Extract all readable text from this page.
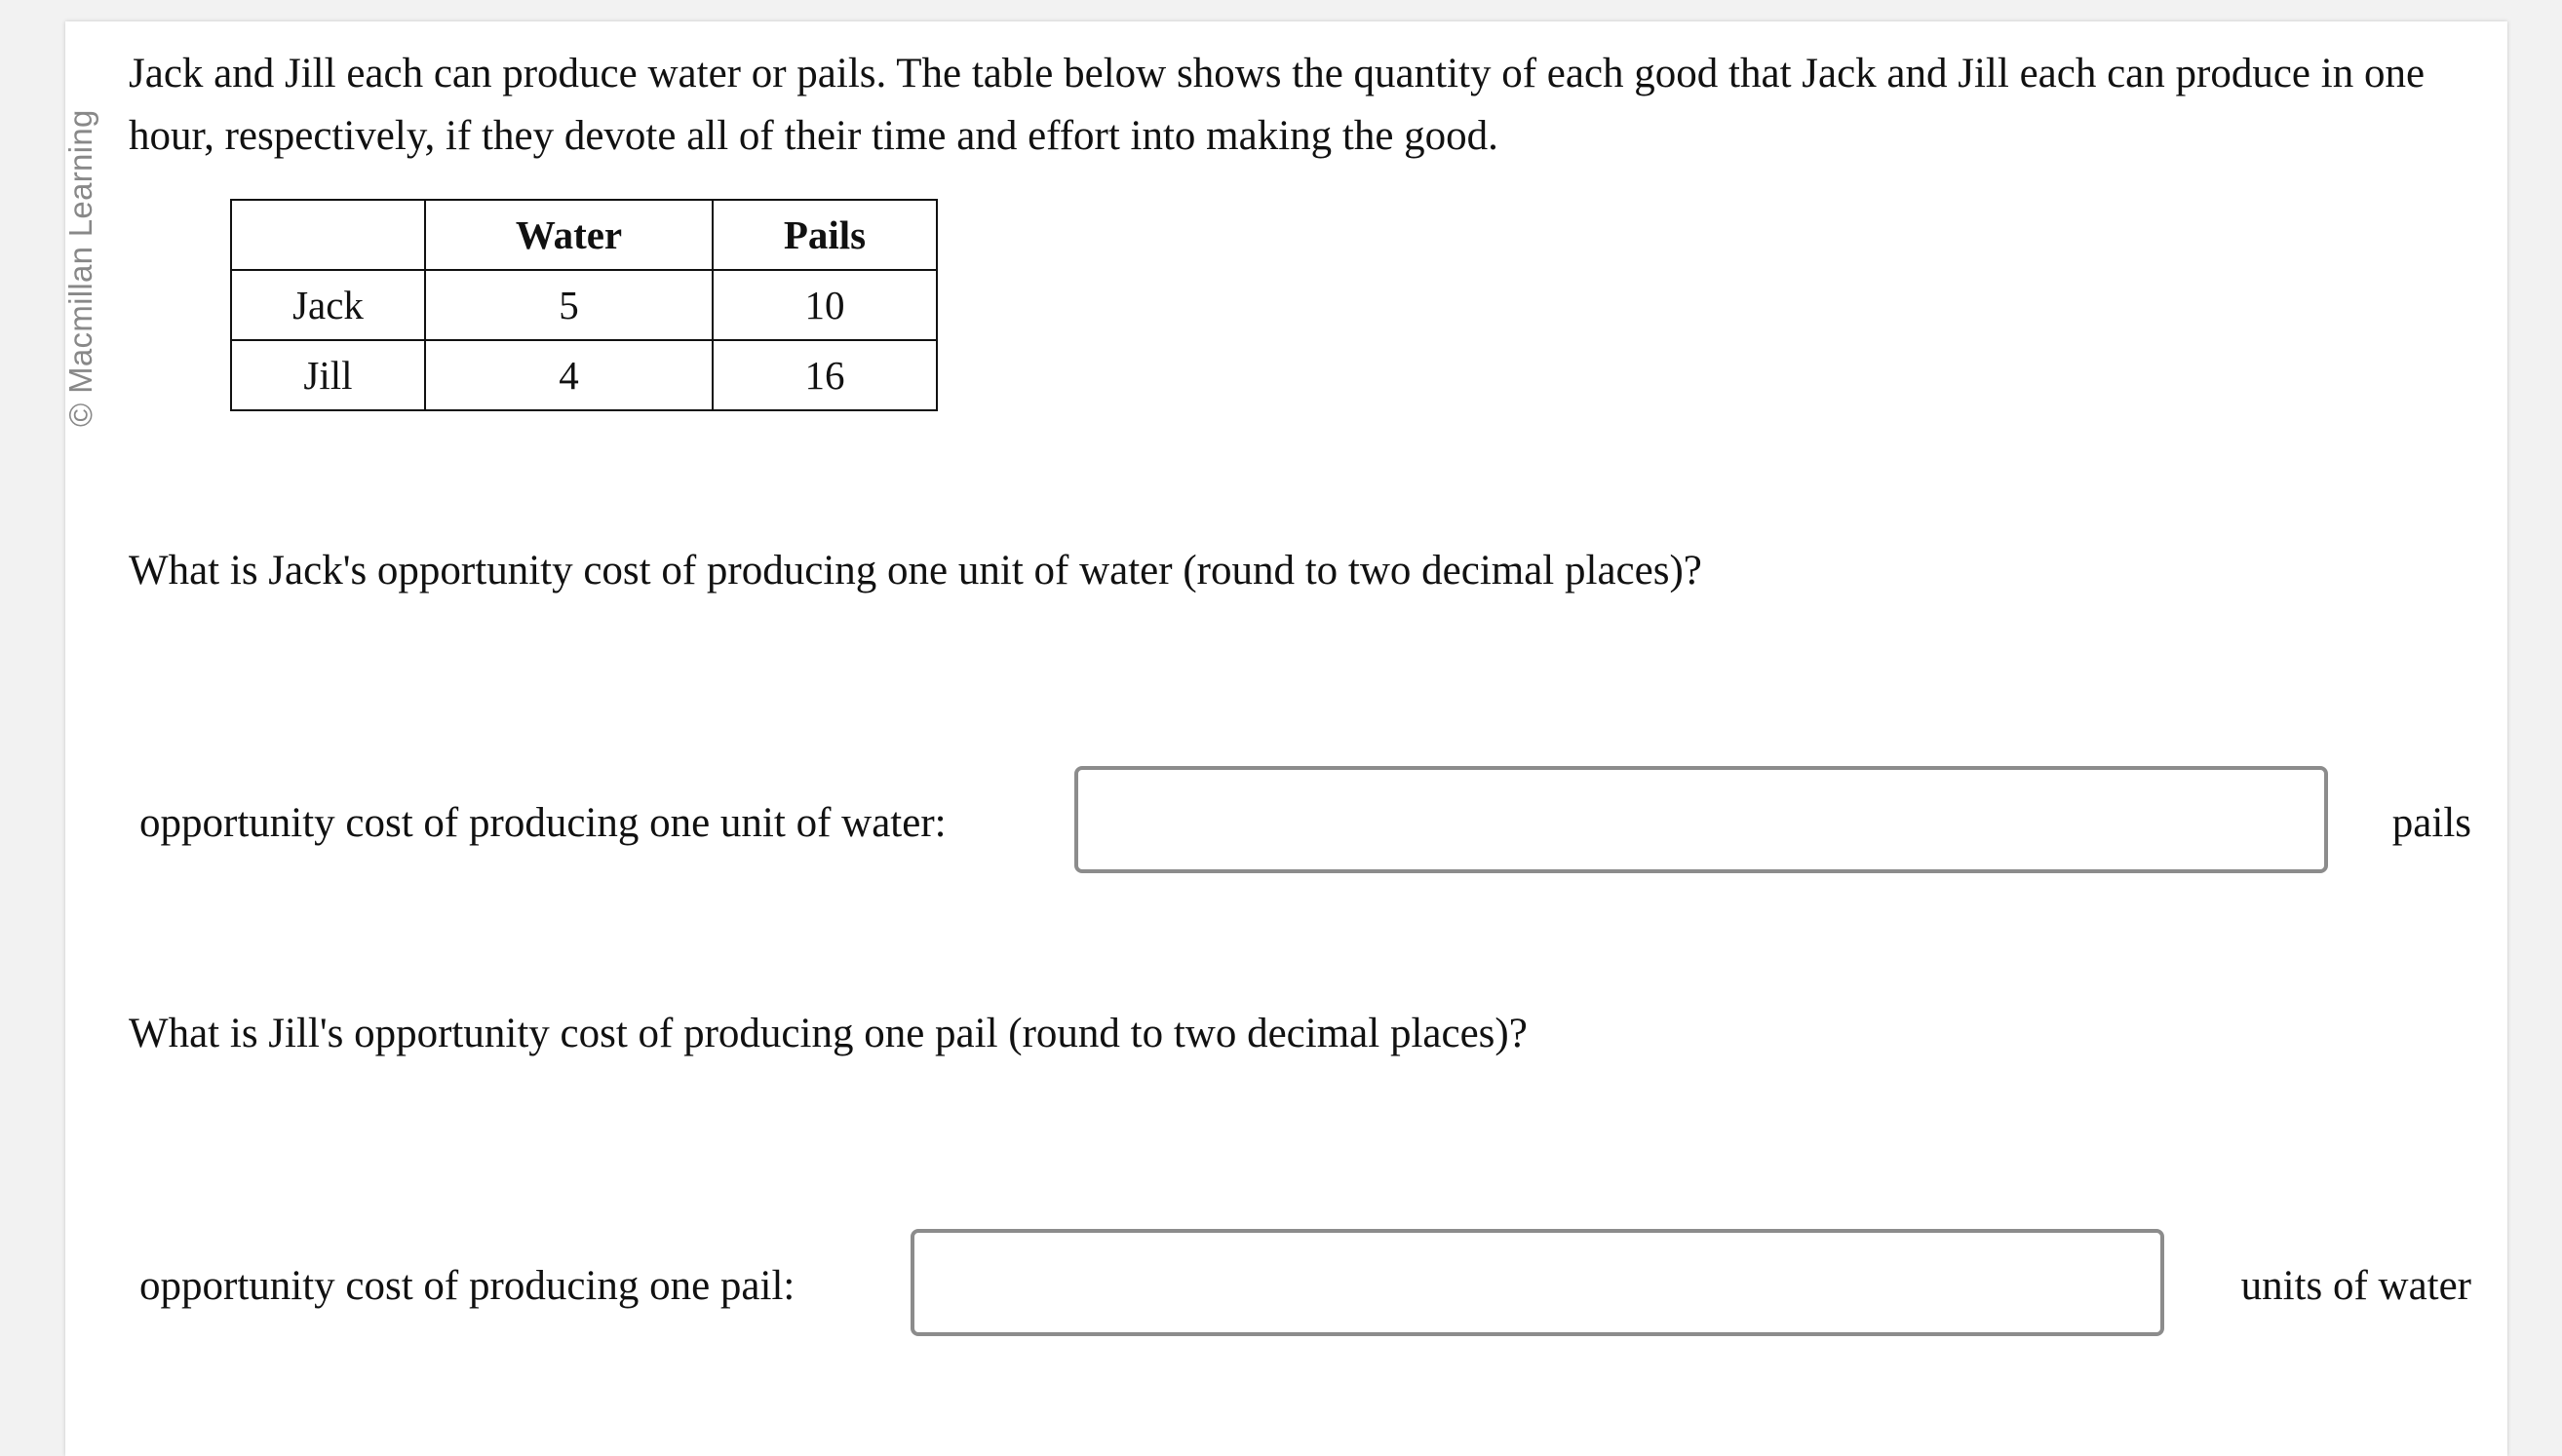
© Macmillan Learning
Jack and Jill each can produce water or pails. The table below shows the quantity of each good that Jack and Jill each can produce in one hour, respectively, if they devote all of their time and effort into making the good.
	Water	Pails
Jack	5	10
Jill	4	16
What is Jack's opportunity cost of producing one unit of water (round to two decimal places)?
opportunity cost of producing one unit of water:	pails
What is Jill's opportunity cost of producing one pail (round to two decimal places)?
opportunity cost of producing one pail:	units of water
